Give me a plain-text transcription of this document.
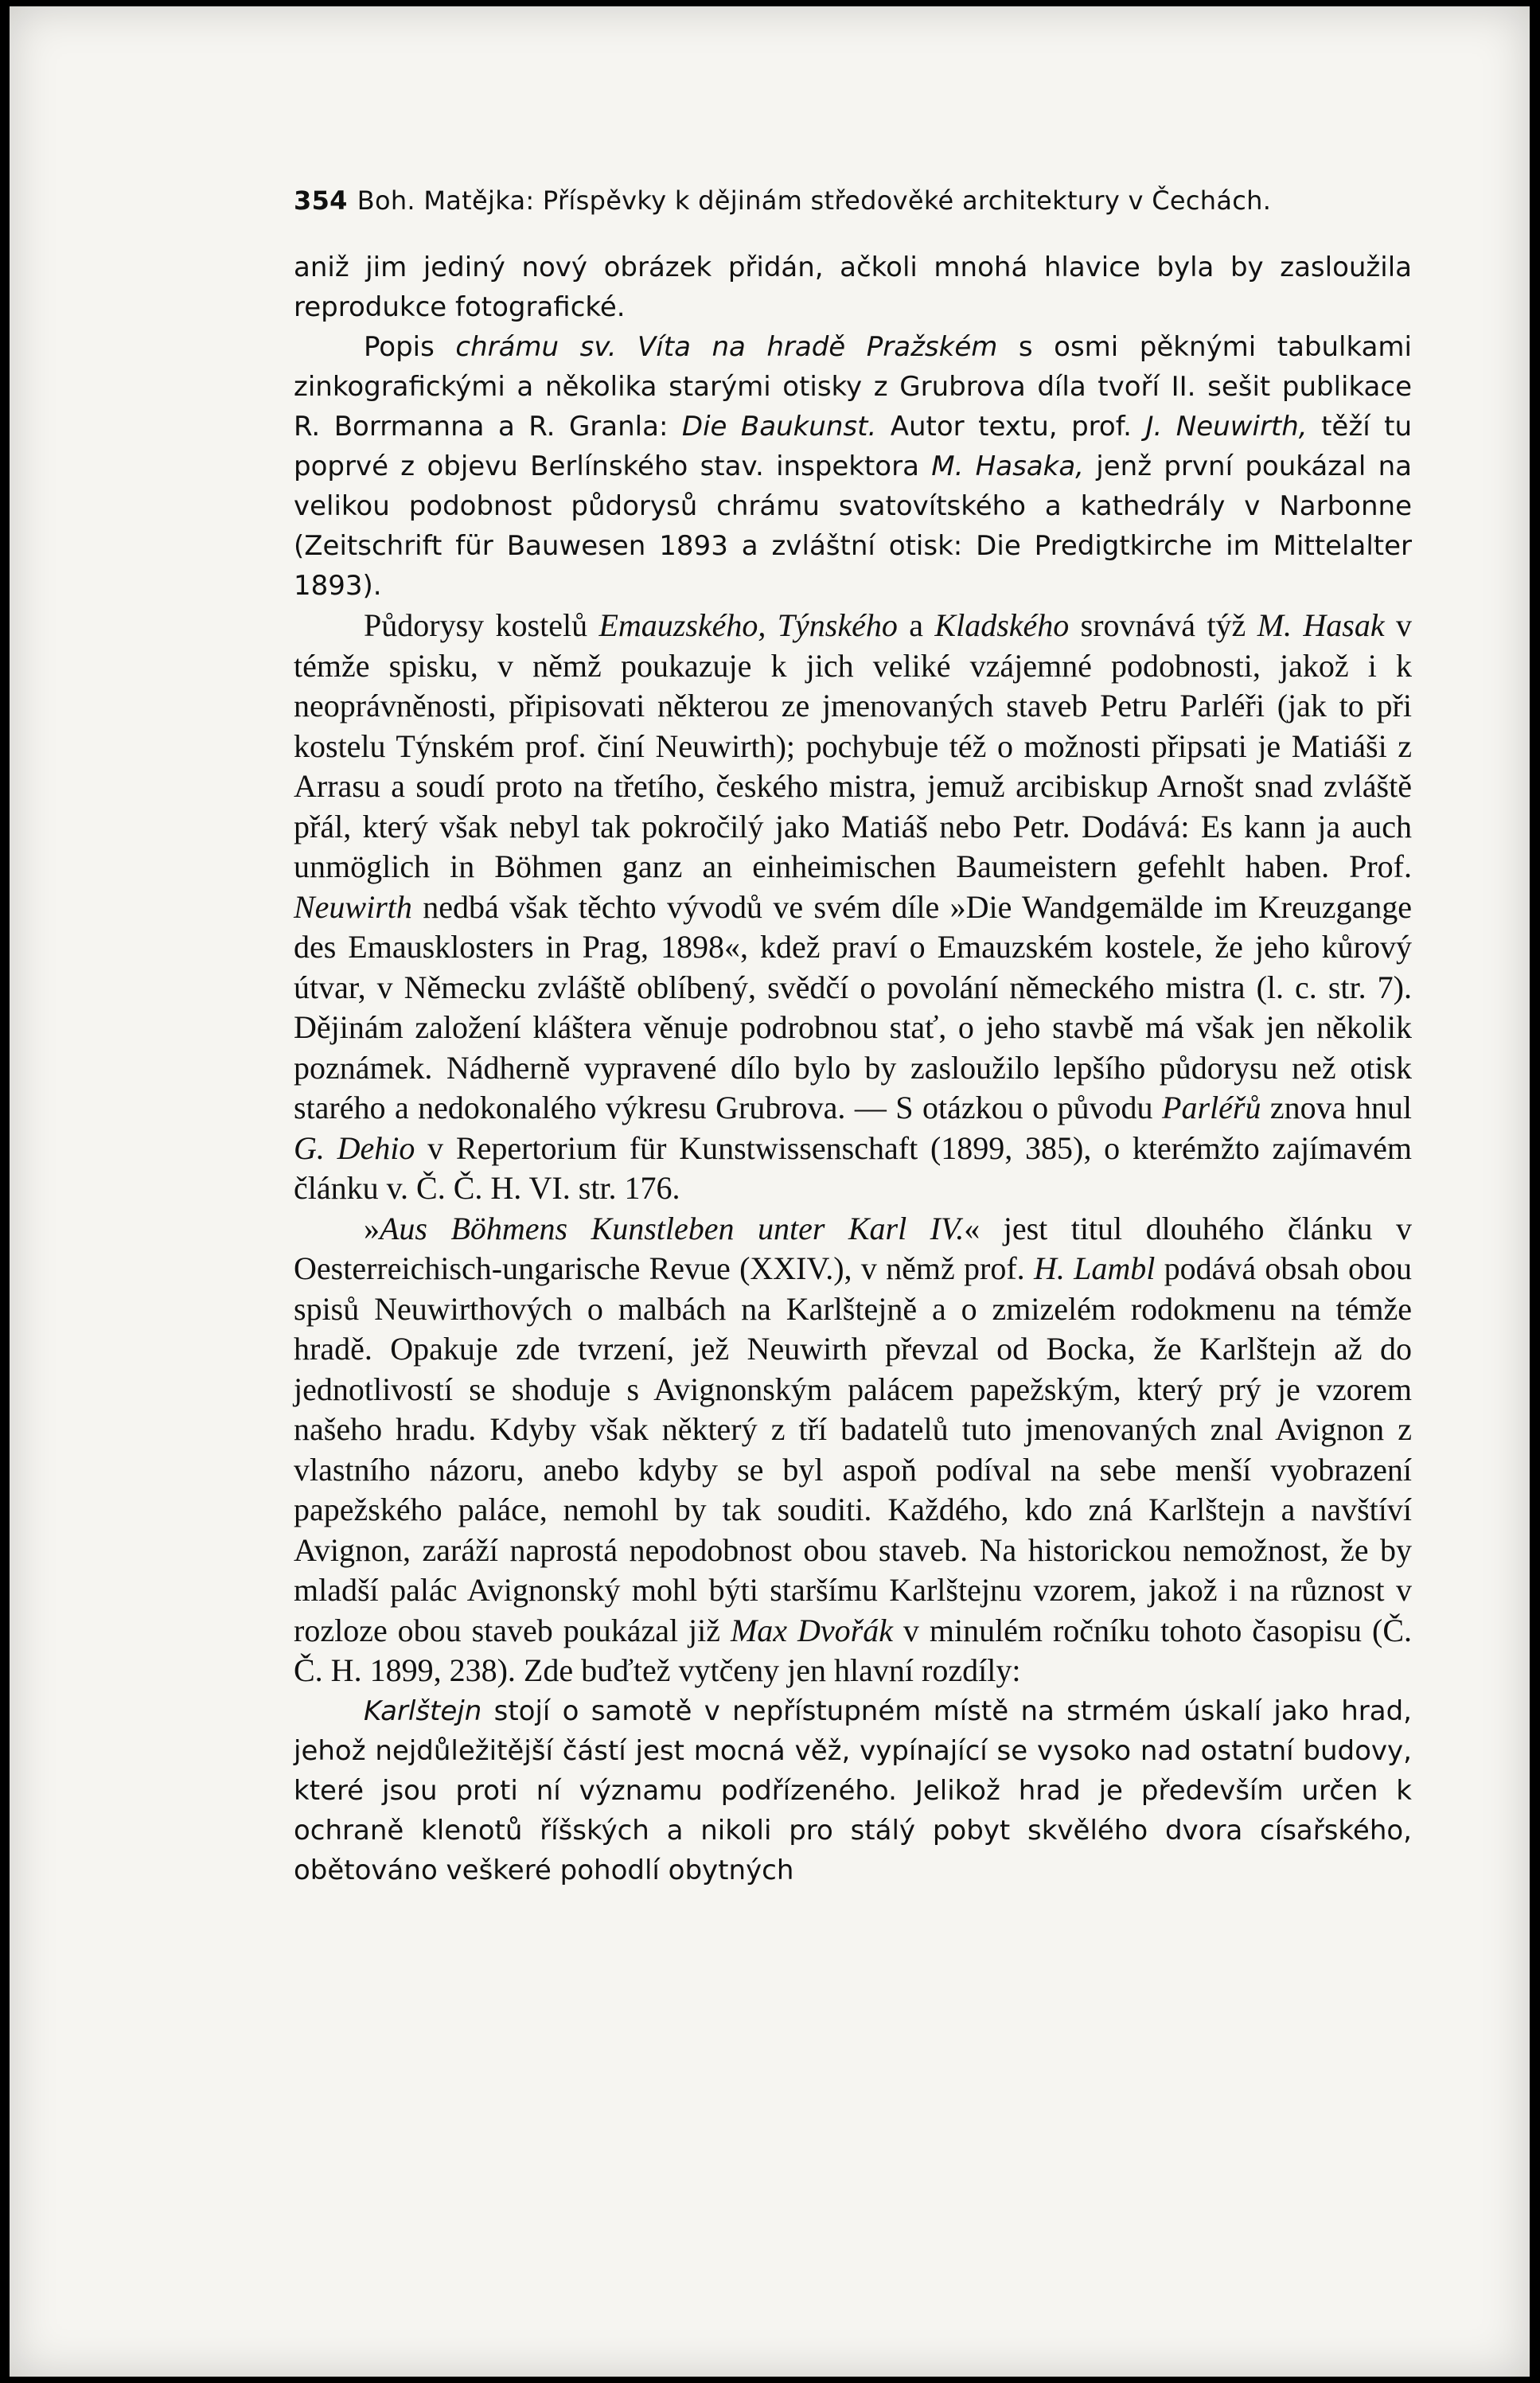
354 Boh. Matějka: Příspěvky k dějinám středověké architektury v Čechách.

aniž jim jediný nový obrázek přidán, ačkoli mnohá hlavice byla by zasloužila reprodukce fotografické.

Popis chrámu sv. Víta na hradě Pražském s osmi pěknými tabulkami zinkografickými a několika starými otisky z Grubrova díla tvoří II. sešit publikace R. Borrmanna a R. Granla: Die Baukunst. Autor textu, prof. J. Neuwirth, těží tu poprvé z objevu Berlínského stav. inspektora M. Hasaka, jenž první poukázal na velikou podobnost půdorysů chrámu svatovítského a kathedrály v Narbonne (Zeitschrift für Bauwesen 1893 a zvláštní otisk: Die Predigtkirche im Mittelalter 1893).

Půdorysy kostelů Emauzského, Týnského a Kladského srovnává týž M. Hasak v témže spisku, v němž poukazuje k jich veliké vzájemné podobnosti, jakož i k neoprávněnosti, připisovati některou ze jmenovaných staveb Petru Parléři (jak to při kostelu Týnském prof. činí Neuwirth); pochybuje též o možnosti připsati je Matiáši z Arrasu a soudí proto na třetího, českého mistra, jemuž arcibiskup Arnošt snad zvláště přál, který však nebyl tak pokročilý jako Matiáš nebo Petr. Dodává: Es kann ja auch unmöglich in Böhmen ganz an einheimischen Baumeistern gefehlt haben. Prof. Neuwirth nedbá však těchto vývodů ve svém díle »Die Wandgemälde im Kreuzgange des Emausklosters in Prag, 1898«, kdež praví o Emauzském kostele, že jeho kůrový útvar, v Německu zvláště oblíbený, svědčí o povolání německého mistra (l. c. str. 7). Dějinám založení kláštera věnuje podrobnou stať, o jeho stavbě má však jen několik poznámek. Nádherně vypravené dílo bylo by zasloužilo lepšího půdorysu než otisk starého a nedokonalého výkresu Grubrova. — S otázkou o původu Parléřů znova hnul G. Dehio v Repertorium für Kunstwissenschaft (1899, 385), o kterémžto zajímavém článku v. Č. Č. H. VI. str. 176.

»Aus Böhmens Kunstleben unter Karl IV.« jest titul dlouhého článku v Oesterreichisch-ungarische Revue (XXIV.), v němž prof. H. Lambl podává obsah obou spisů Neuwirthových o malbách na Karlštejně a o zmizelém rodokmenu na témže hradě. Opakuje zde tvrzení, jež Neuwirth převzal od Bocka, že Karlštejn až do jednotlivostí se shoduje s Avignonským palácem papežským, který prý je vzorem našeho hradu. Kdyby však některý z tří badatelů tuto jmenovaných znal Avignon z vlastního názoru, anebo kdyby se byl aspoň podíval na sebe menší vyobrazení papežského paláce, nemohl by tak souditi. Každého, kdo zná Karlštejn a navštíví Avignon, zaráží naprostá nepodobnost obou staveb. Na historickou nemožnost, že by mladší palác Avignonský mohl býti staršímu Karlštejnu vzorem, jakož i na různost v rozloze obou staveb poukázal již Max Dvořák v minulém ročníku tohoto časopisu (Č. Č. H. 1899, 238). Zde buďtež vytčeny jen hlavní rozdíly:

Karlštejn stojí o samotě v nepřístupném místě na strmém úskalí jako hrad, jehož nejdůležitější částí jest mocná věž, vypínající se vysoko nad ostatní budovy, které jsou proti ní významu podřízeného. Jelikož hrad je především určen k ochraně klenotů říšských a nikoli pro stálý pobyt skvělého dvora císařského, obětováno veškeré pohodlí obytných
